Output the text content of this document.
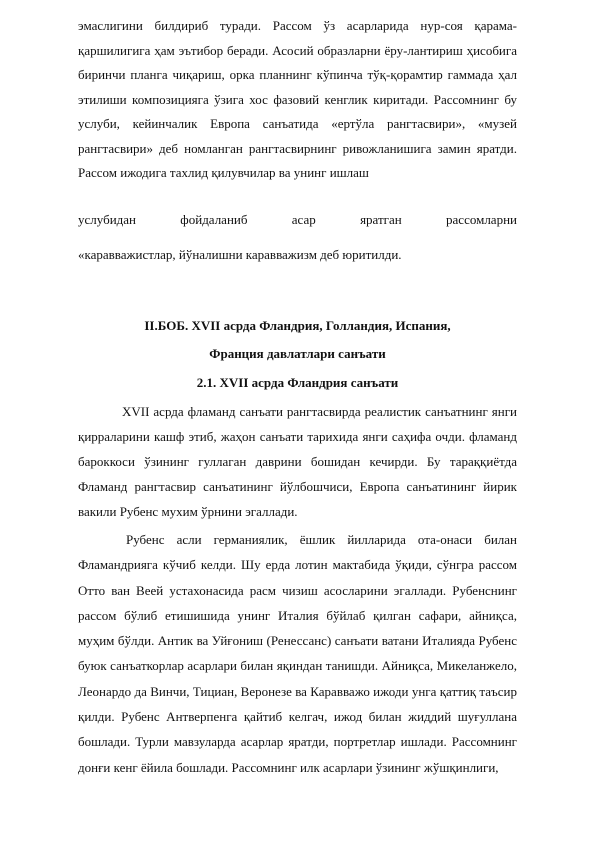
эмаслигини билдириб туради. Рассом ўз асарларида нур-соя қарама-қаршилигига ҳам эътибор беради. Асосий образларни ёру-лантириш ҳисобига биринчи планга чиқариш, орка планнинг кўпинча тўқ-қорамтир гаммада ҳал этилиши композицияга ўзига хос фазовий кенглик киритади. Рассомнинг бу услуби, кейинчалик Европа санъатида «ертўла рангтасвири», «музей рангтасвири» деб номланган рангтасвирнинг ривожланишига замин яратди. Рассом ижодига тахлид қилувчилар ва унинг ишлаш
услубидан фойдаланиб асар яратган рассомларни
«каравважистлар, йўналишни каравважизм деб юритилди.
II.БОБ. XVII асрда Фландрия, Голландия, Испания,
Франция давлатлари санъати
2.1. XVII асрда Фландрия санъати
XVII асрда фламанд санъати рангтасвирда реалистик санъатнинг янги қирраларини кашф этиб, жаҳон санъати тарихида янги саҳифа очди. фламанд бароккоси ўзининг гуллаган даврини бошидан кечирди. Бу тараққиётда Фламанд рангтасвир санъатининг йўлбошчиси, Европа санъатининг йирик вакили Рубенс мухим ўрнини эгаллади.
Рубенс асли германиялик, ёшлик йилларида ота-онаси билан Фламандрияга кўчиб келди. Шу ерда лотин мактабида ўқиди, сўнгра рассом Отто ван Веей устахонасида расм чизиш асосларини эгаллади. Рубенснинг рассом бўлиб етишишида унинг Италия бўйлаб қилган сафари, айниқса, муҳим бўлди. Антик ва Уйғониш (Ренессанс) санъати ватани Италияда Рубенс буюк санъаткорлар асарлари билан яқиндан танишди. Айниқса, Микеланжело, Леонардо да Винчи, Тициан, Веронезе ва Каравважо ижоди унга қаттиқ таъсир қилди. Рубенс Антверпенга қайтиб келгач, ижод билан жиддий шуғуллана бошлади. Турли мавзуларда асарлар яратди, портретлар ишлади. Рассомнинг донғи кенг ёйила бошлади. Рассомнинг илк асарлари ўзининг жўшқинлиги,
